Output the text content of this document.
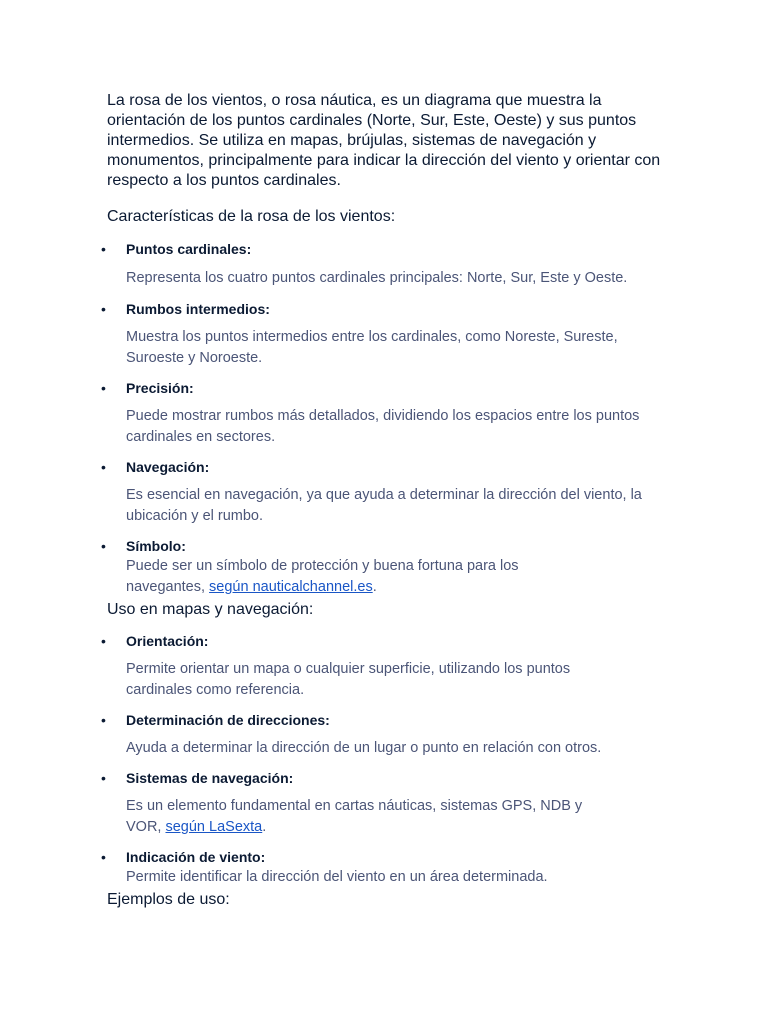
La rosa de los vientos, o rosa náutica, es un diagrama que muestra la orientación de los puntos cardinales (Norte, Sur, Este, Oeste) y sus puntos intermedios. Se utiliza en mapas, brújulas, sistemas de navegación y monumentos, principalmente para indicar la dirección del viento y orientar con respecto a los puntos cardinales.

Características de la rosa de los vientos:

• Puntos cardinales:

Representa los cuatro puntos cardinales principales: Norte, Sur, Este y Oeste.

• Rumbos intermedios:

Muestra los puntos intermedios entre los cardinales, como Noreste, Sureste, Suroeste y Noroeste.

• Precisión:

Puede mostrar rumbos más detallados, dividiendo los espacios entre los puntos cardinales en sectores.

• Navegación:

Es esencial en navegación, ya que ayuda a determinar la dirección del viento, la ubicación y el rumbo.

• Símbolo:

Puede ser un símbolo de protección y buena fortuna para los navegantes, según nauticalchannel.es.

Uso en mapas y navegación:

• Orientación:

Permite orientar un mapa o cualquier superficie, utilizando los puntos cardinales como referencia.

• Determinación de direcciones:

Ayuda a determinar la dirección de un lugar o punto en relación con otros.

• Sistemas de navegación:

Es un elemento fundamental en cartas náuticas, sistemas GPS, NDB y VOR, según LaSexta.

• Indicación de viento:

Permite identificar la dirección del viento en un área determinada.

Ejemplos de uso:
